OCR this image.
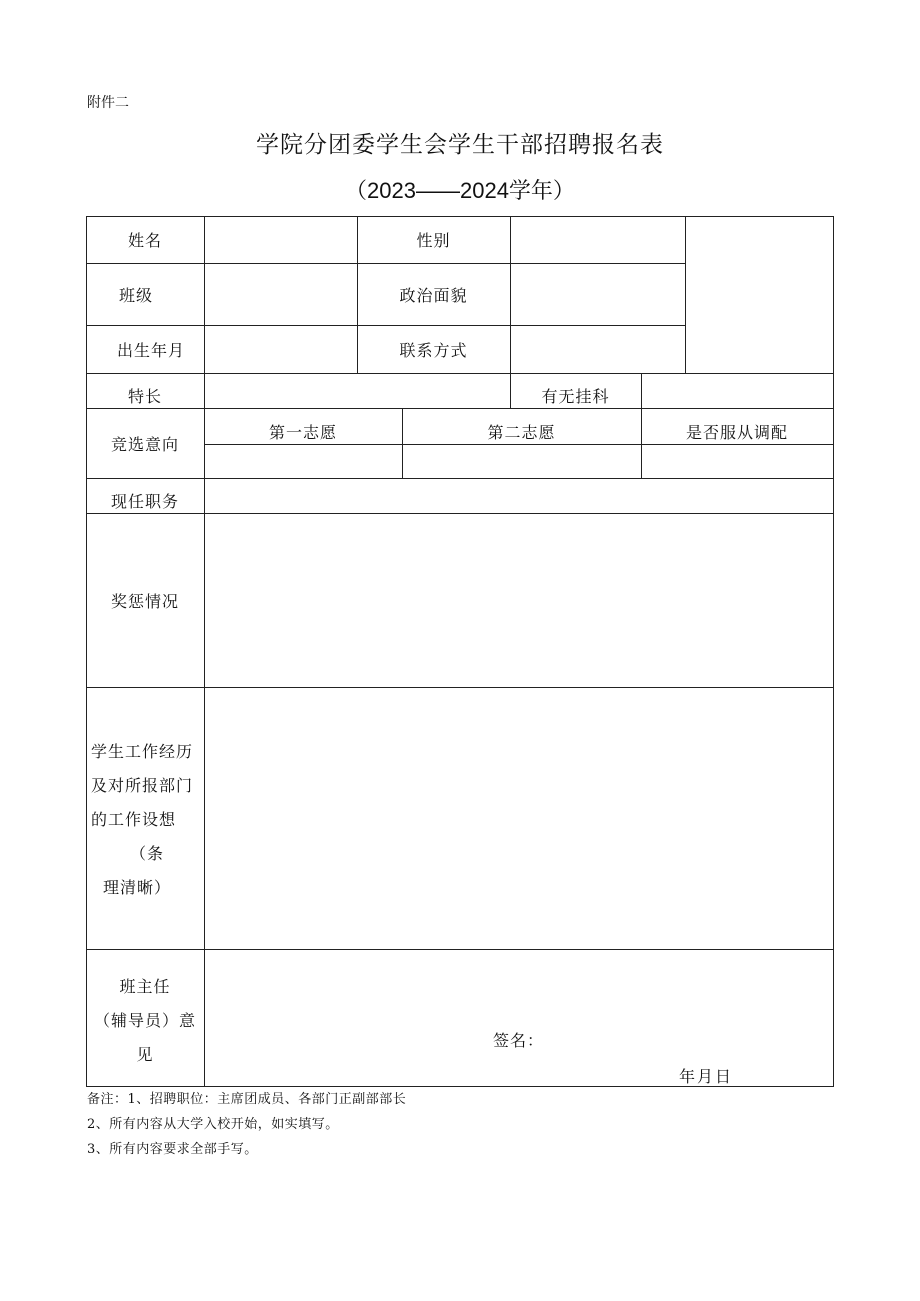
附件二
学院分团委学生会学生干部招聘报名表
（2023——2024学年）
姓名	性别
班级	政治面貌
出生年月	联系方式
特长	有无挂科
竞选意向
第一志愿	第二志愿	是否服从调配
现任职务
奖惩情况
学生工作经历
及对所报部门
的工作设想
（条
理清晰）
班主任
（辅导员）意
见
签名：
年月日
备注：1、招聘职位：主席团成员、各部门正副部部长
2、所有内容从大学入校开始，如实填写。
3、所有内容要求全部手写。
